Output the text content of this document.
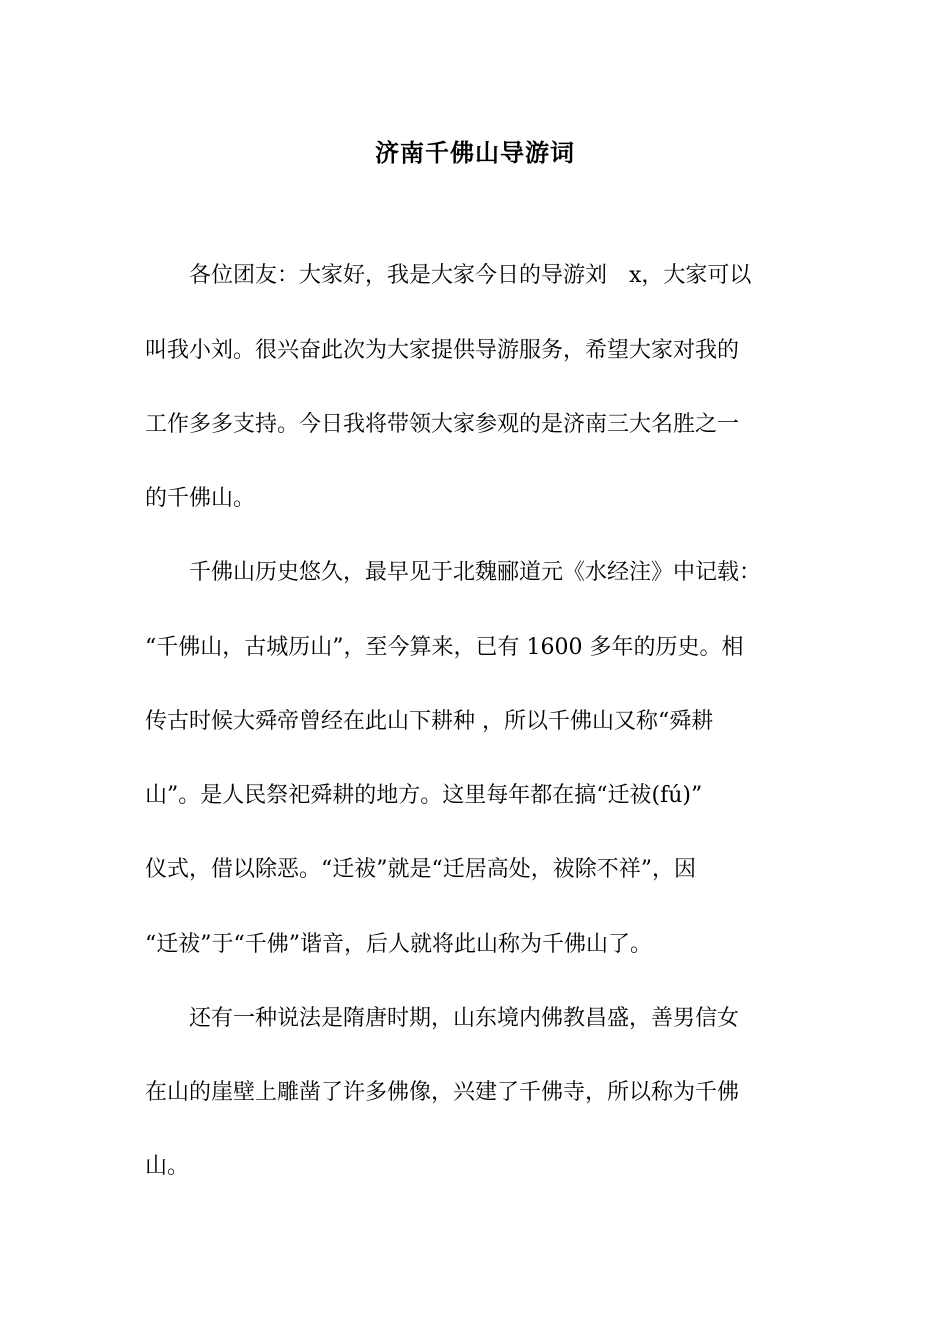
济南千佛山导游词
　　各位团友：大家好，我是大家今日的导游刘　x，大家可以
叫我小刘。很兴奋此次为大家提供导游服务，希望大家对我的
工作多多支持。今日我将带领大家参观的是济南三大名胜之一
的千佛山。
　　千佛山历史悠久，最早见于北魏郦道元《水经注》中记载：
“千佛山，古城历山”，至今算来，已有 1600 多年的历史。相
传古时候大舜帝曾经在此山下耕种 ，所以千佛山又称“舜耕
山”。是人民祭祀舜耕的地方。这里每年都在搞“迁祓(fú)”
仪式，借以除恶。“迁祓”就是“迁居高处，祓除不祥”，因
“迁祓”于“千佛”谐音，后人就将此山称为千佛山了。
　　还有一种说法是隋唐时期，山东境内佛教昌盛，善男信女
在山的崖壁上雕凿了许多佛像，兴建了千佛寺，所以称为千佛
山。
